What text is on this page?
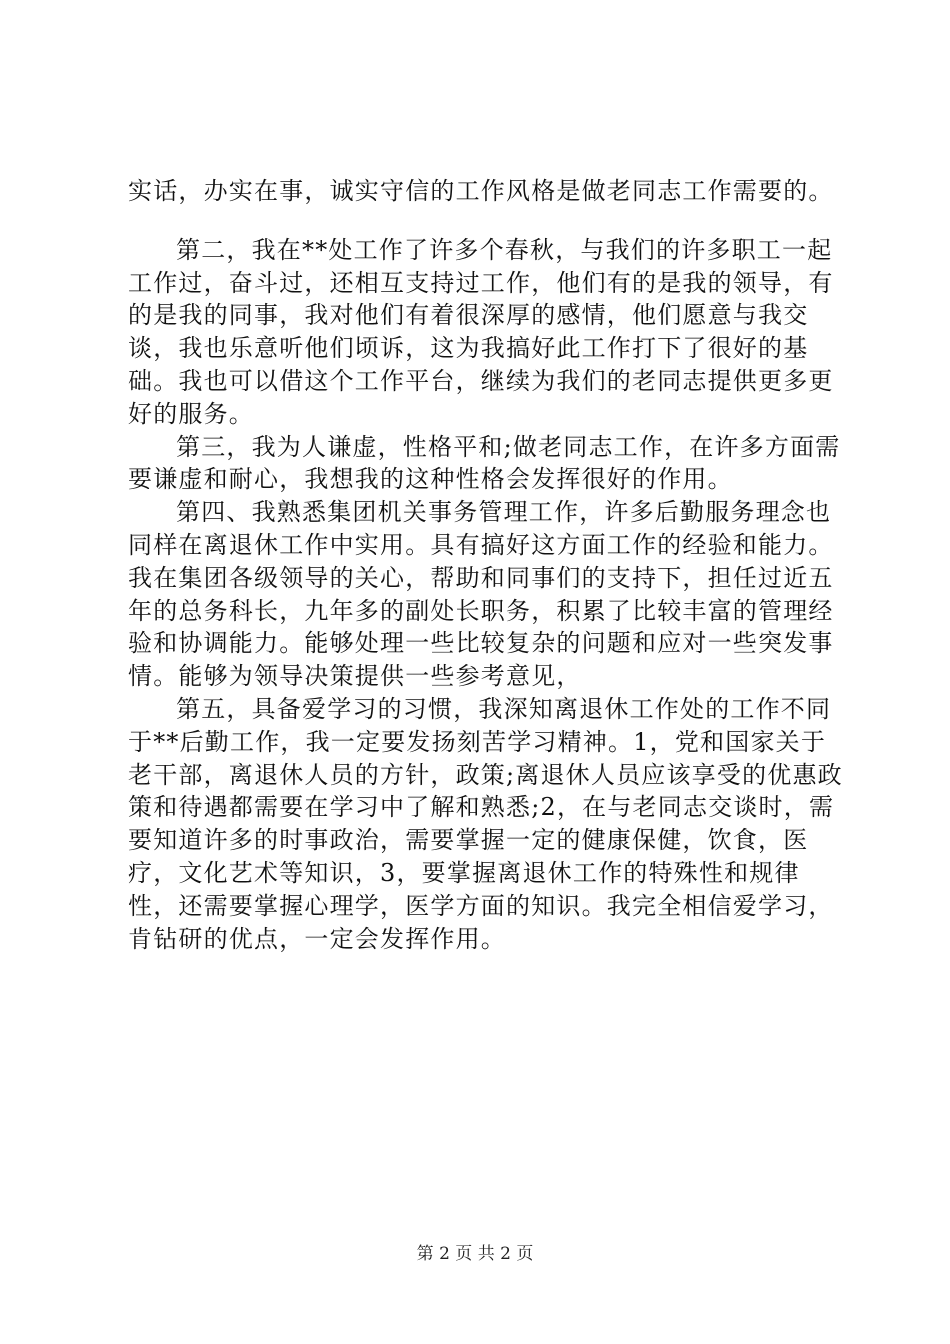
实话，办实在事，诚实守信的工作风格是做老同志工作需要的。

第二，我在**处工作了许多个春秋，与我们的许多职工一起工作过，奋斗过，还相互支持过工作，他们有的是我的领导，有的是我的同事，我对他们有着很深厚的感情，他们愿意与我交谈，我也乐意听他们顷诉，这为我搞好此工作打下了很好的基础。我也可以借这个工作平台，继续为我们的老同志提供更多更好的服务。

第三，我为人谦虚，性格平和;做老同志工作，在许多方面需要谦虚和耐心，我想我的这种性格会发挥很好的作用。

第四、我熟悉集团机关事务管理工作，许多后勤服务理念也同样在离退休工作中实用。具有搞好这方面工作的经验和能力。我在集团各级领导的关心，帮助和同事们的支持下，担任过近五年的总务科长，九年多的副处长职务，积累了比较丰富的管理经验和协调能力。能够处理一些比较复杂的问题和应对一些突发事情。能够为领导决策提供一些参考意见，

第五，具备爱学习的习惯，我深知离退休工作处的工作不同于**后勤工作，我一定要发扬刻苦学习精神。1，党和国家关于老干部，离退休人员的方针，政策;离退休人员应该享受的优惠政策和待遇都需要在学习中了解和熟悉;2，在与老同志交谈时，需要知道许多的时事政治，需要掌握一定的健康保健，饮食，医疗，文化艺术等知识，3，要掌握离退休工作的特殊性和规律性，还需要掌握心理学，医学方面的知识。我完全相信爱学习，肯钻研的优点，一定会发挥作用。

第 2 页 共 2 页
